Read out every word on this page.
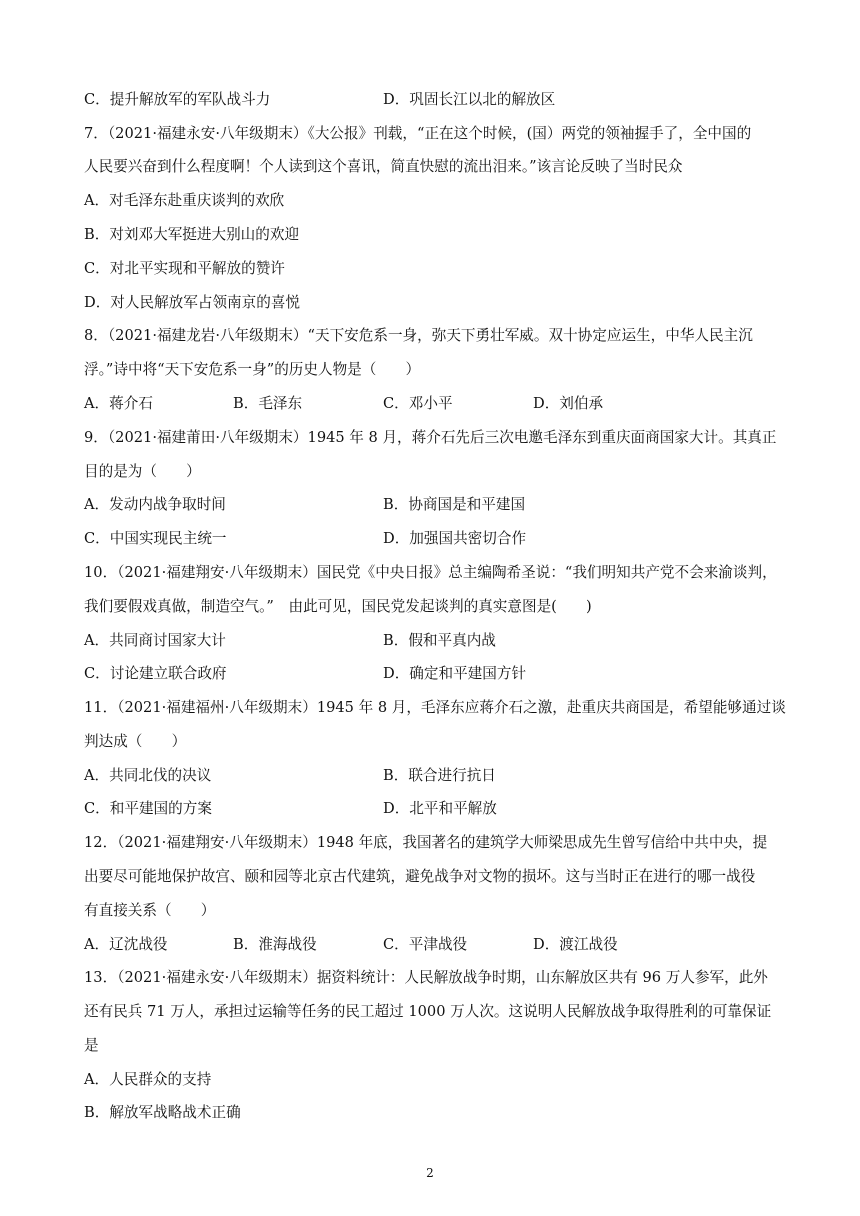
C．提升解放军的军队战斗力	D．巩固长江以北的解放区
7．（2021·福建永安·八年级期末）《大公报》刊载，“正在这个时候，(国）两党的领袖握手了，全中国的
人民要兴奋到什么程度啊！个人读到这个喜讯，简直快慰的流出泪来。”该言论反映了当时民众
A．对毛泽东赴重庆谈判的欢欣
B．对刘邓大军挺进大别山的欢迎
C．对北平实现和平解放的赞许
D．对人民解放军占领南京的喜悦
8．（2021·福建龙岩·八年级期末）“天下安危系一身，弥天下勇壮军威。双十协定应运生，中华人民主沉
浮。”诗中将“天下安危系一身”的历史人物是（　　）
A．蒋介石	B．毛泽东	C．邓小平	D．刘伯承
9．（2021·福建莆田·八年级期末）1945 年 8 月，蒋介石先后三次电邀毛泽东到重庆面商国家大计。其真正
目的是为（　　）
A．发动内战争取时间	B．协商国是和平建国
C．中国实现民主统一	D．加强国共密切合作
10．（2021·福建翔安·八年级期末）国民党《中央日报》总主编陶希圣说：“我们明知共产党不会来渝谈判，
我们要假戏真做，制造空气。”　由此可见，国民党发起谈判的真实意图是(　　)
A．共同商讨国家大计	B．假和平真内战
C．讨论建立联合政府	D．确定和平建国方针
11．（2021·福建福州·八年级期末）1945 年 8 月，毛泽东应蒋介石之激，赴重庆共商国是，希望能够通过谈
判达成（　　）
A．共同北伐的决议	B．联合进行抗日
C．和平建国的方案	D．北平和平解放
12．（2021·福建翔安·八年级期末）1948 年底，我国著名的建筑学大师梁思成先生曾写信给中共中央，提
出要尽可能地保护故宫、颐和园等北京古代建筑，避免战争对文物的损坏。这与当时正在进行的哪一战役
有直接关系（　　）
A．辽沈战役	B．淮海战役	C．平津战役	D．渡江战役
13．（2021·福建永安·八年级期末）据资料统计：人民解放战争时期，山东解放区共有 96 万人参军，此外
还有民兵 71 万人，承担过运输等任务的民工超过 1000 万人次。这说明人民解放战争取得胜利的可靠保证
是
A．人民群众的支持
B．解放军战略战术正确
2
